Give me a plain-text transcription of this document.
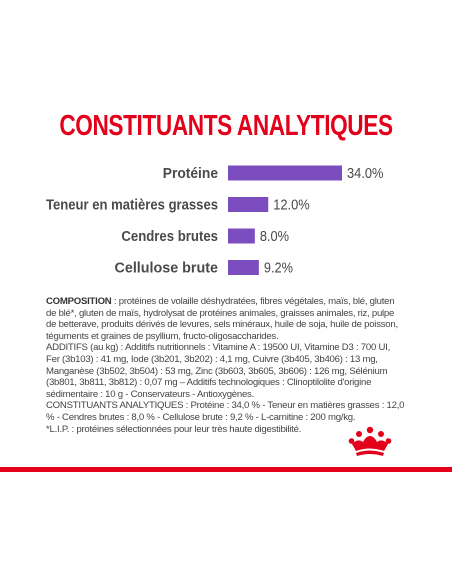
CONSTITUANTS ANALYTIQUES
Protéine	34.0%
Teneur en matières grasses	12.0%
Cendres brutes	8.0%
Cellulose brute	9.2%

COMPOSITION : protéines de volaille déshydratées, fibres végétales, maïs, blé, gluten de blé*, gluten de maïs, hydrolysat de protéines animales, graisses animales, riz, pulpe de betterave, produits dérivés de levures, sels minéraux, huile de soja, huile de poisson, téguments et graines de psyllium, fructo-oligosaccharides.

ADDITIFS (au kg) : Additifs nutritionnels : Vitamine A : 19500 UI, Vitamine D3 : 700 UI, Fer (3b103) : 41 mg, Iode (3b201, 3b202) : 4,1 mg, Cuivre (3b405, 3b406) : 13 mg, Manganèse (3b502, 3b504) : 53 mg, Zinc (3b603, 3b605, 3b606) : 126 mg, Sélénium (3b801, 3b811, 3b812) : 0,07 mg – Additifs technologiques : Clinoptilolite d'origine sédimentaire : 10 g - Conservateurs - Antioxygènes.

CONSTITUANTS ANALYTIQUES : Protéine : 34,0 % - Teneur en matières grasses : 12,0 % - Cendres brutes : 8,0 % - Cellulose brute : 9,2 % - L-carnitine : 200 mg/kg.

*L.I.P. : protéines sélectionnées pour leur très haute digestibilité.
